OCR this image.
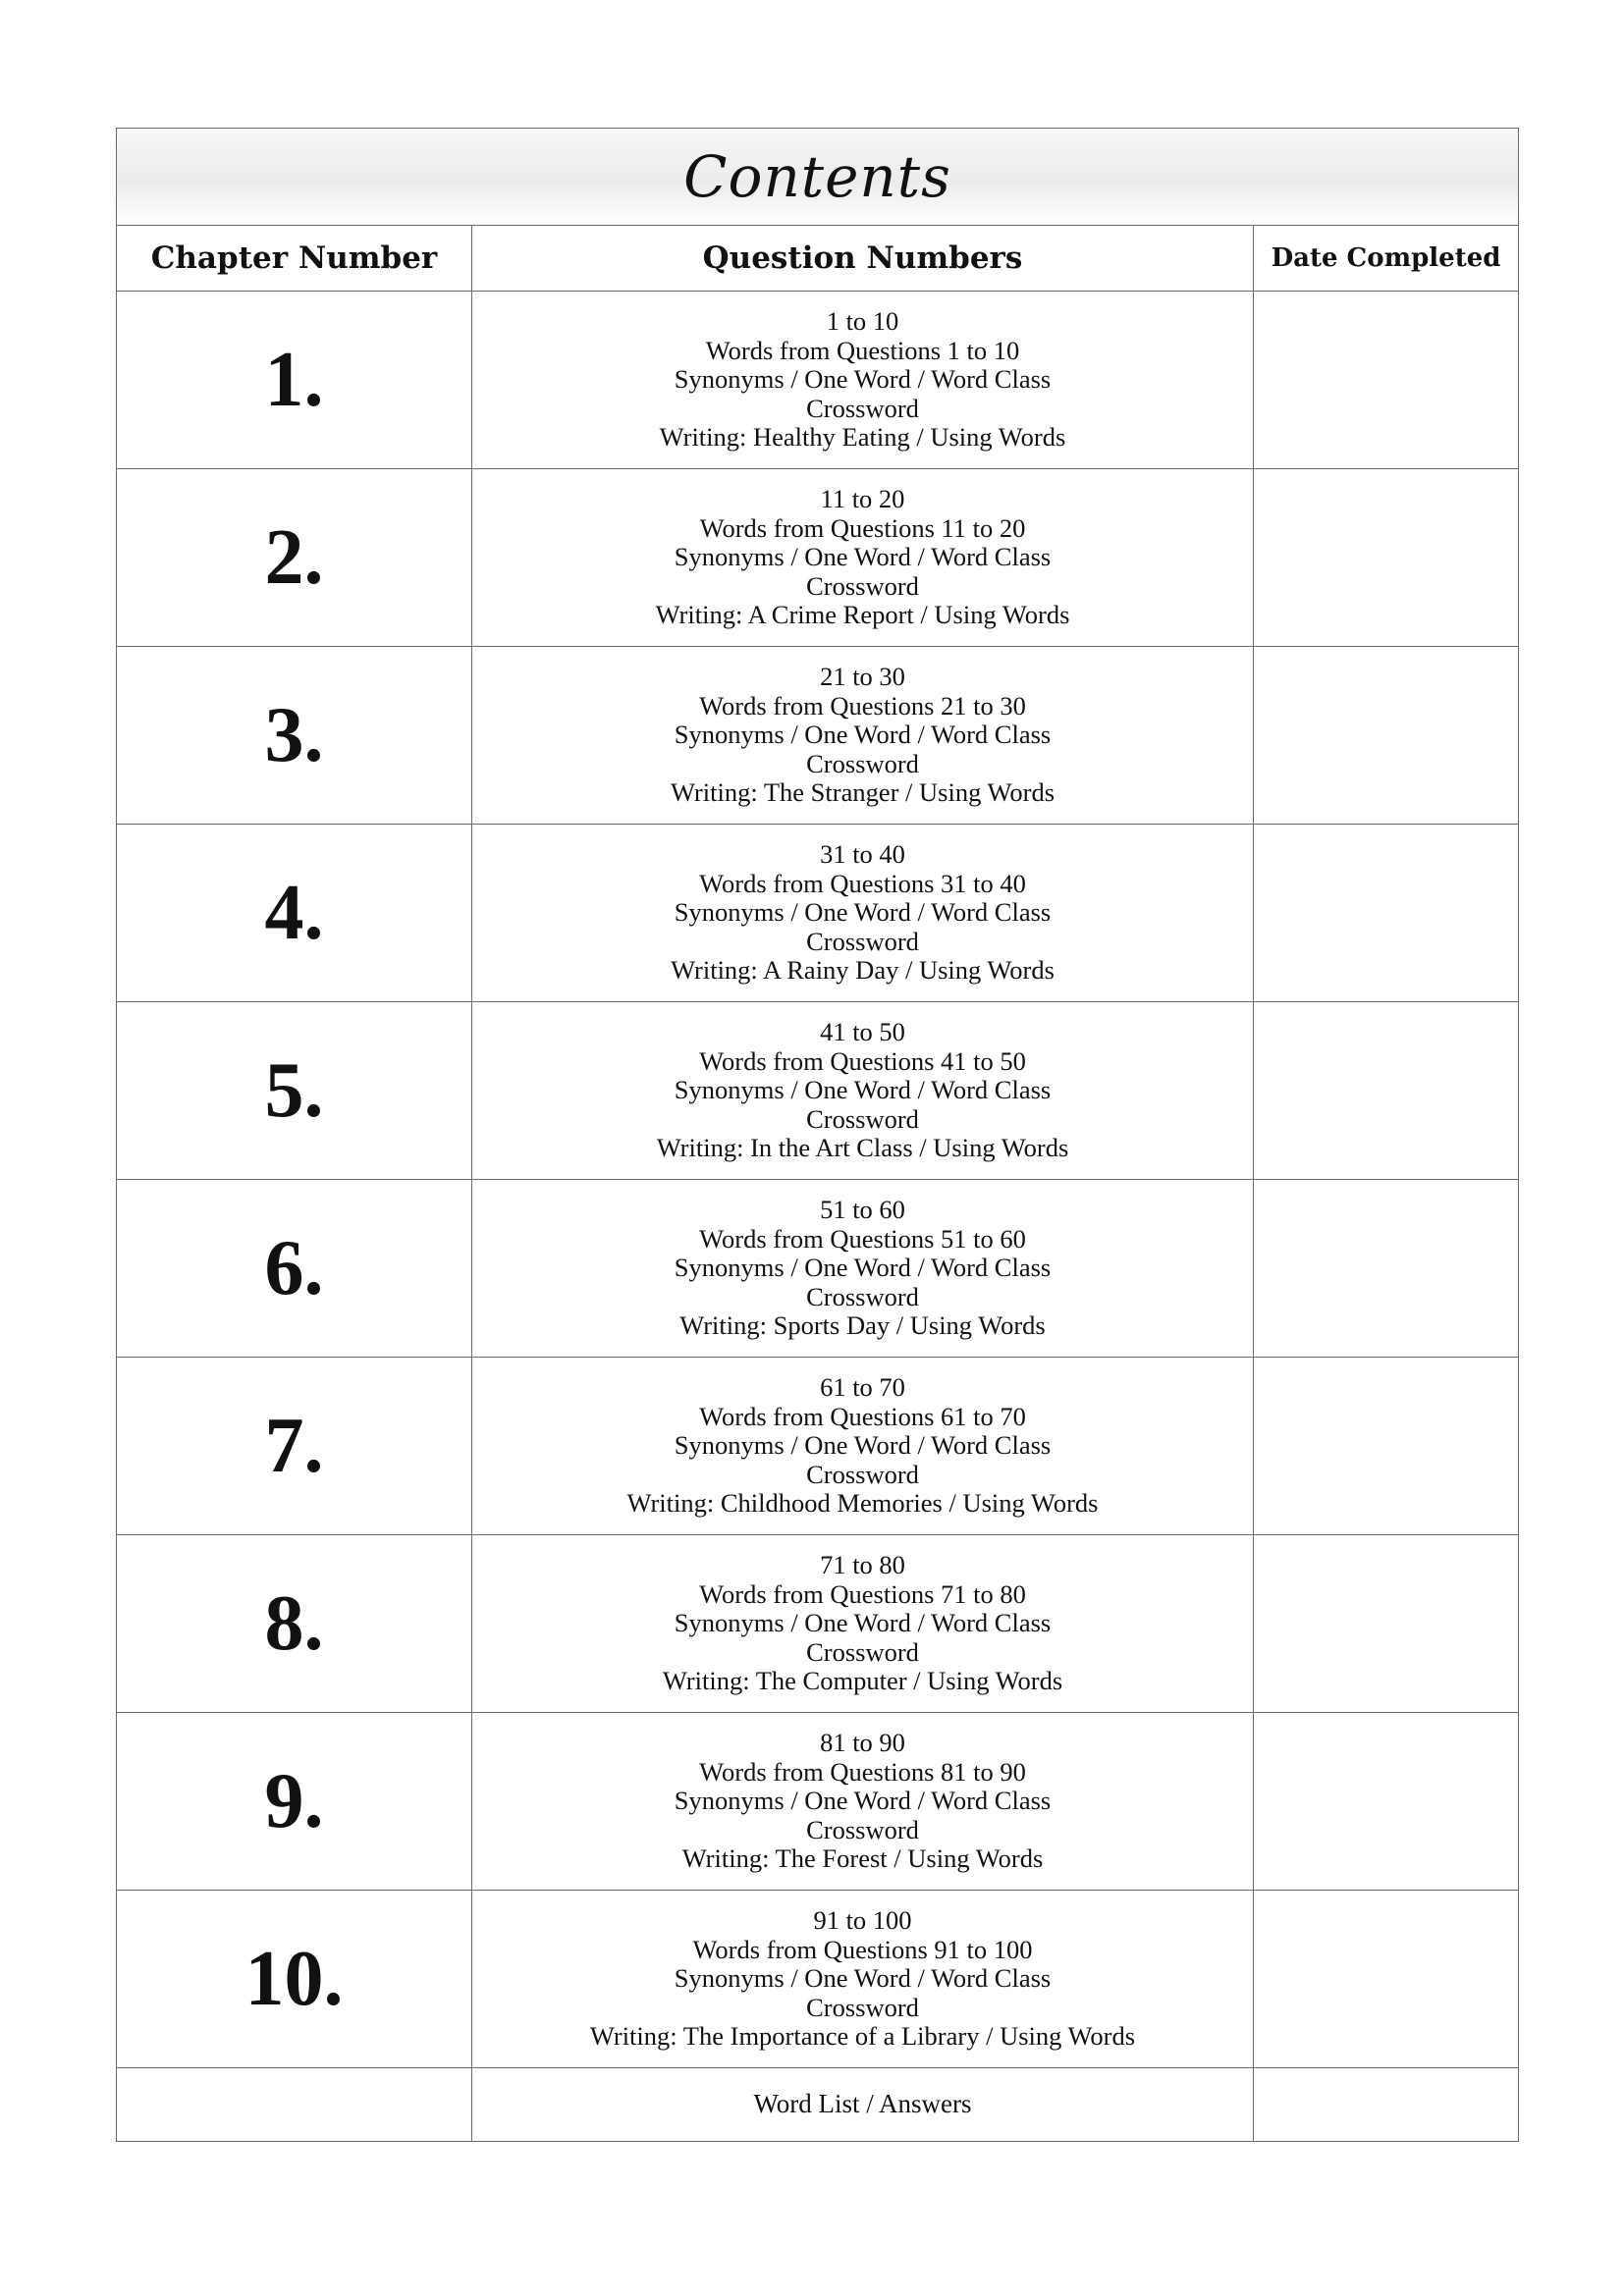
Contents		
Chapter Number	Question Numbers	Date Completed
1.	1 to 10
Words from Questions 1 to 10
Synonyms / One Word / Word Class
Crossword
Writing: Healthy Eating / Using Words	

2.	11 to 20
Words from Questions 11 to 20
Synonyms / One Word / Word Class
Crossword
Writing: A Crime Report / Using Words	

3.	21 to 30
Words from Questions 21 to 30
Synonyms / One Word / Word Class
Crossword
Writing: The Stranger / Using Words	

4.	31 to 40
Words from Questions 31 to 40
Synonyms / One Word / Word Class
Crossword
Writing: A Rainy Day / Using Words	

5.	41 to 50
Words from Questions 41 to 50
Synonyms / One Word / Word Class
Crossword
Writing: In the Art Class / Using Words	

6.	51 to 60
Words from Questions 51 to 60
Synonyms / One Word / Word Class
Crossword
Writing: Sports Day / Using Words	

7.	61 to 70
Words from Questions 61 to 70
Synonyms / One Word / Word Class
Crossword
Writing: Childhood Memories / Using Words	

8.	71 to 80
Words from Questions 71 to 80
Synonyms / One Word / Word Class
Crossword
Writing: The Computer / Using Words	

9.	81 to 90
Words from Questions 81 to 90
Synonyms / One Word / Word Class
Crossword
Writing: The Forest / Using Words	

10.	91 to 100
Words from Questions 91 to 100
Synonyms / One Word / Word Class
Crossword
Writing: The Importance of a Library / Using Words	

	Word List / Answers	
